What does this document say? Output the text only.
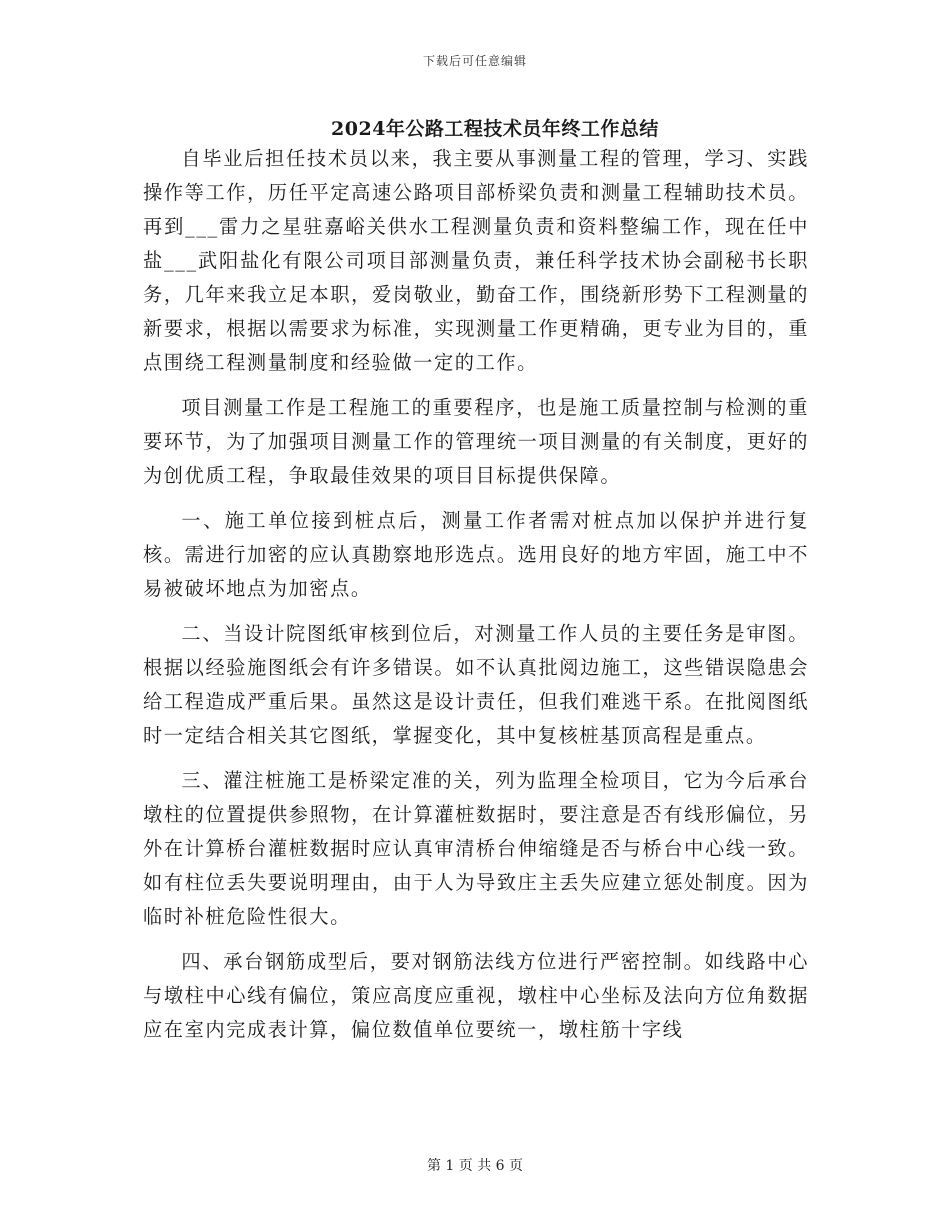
下载后可任意编辑
2024年公路工程技术员年终工作总结

自毕业后担任技术员以来，我主要从事测量工程的管理，学习、实践操作等工作，历任平定高速公路项目部桥梁负责和测量工程辅助技术员。再到___雷力之星驻嘉峪关供水工程测量负责和资料整编工作，现在任中盐___武阳盐化有限公司项目部测量负责，兼任科学技术协会副秘书长职务，几年来我立足本职，爱岗敬业，勤奋工作，围绕新形势下工程测量的新要求，根据以需要求为标准，实现测量工作更精确，更专业为目的，重点围绕工程测量制度和经验做一定的工作。

项目测量工作是工程施工的重要程序，也是施工质量控制与检测的重要环节，为了加强项目测量工作的管理统一项目测量的有关制度，更好的为创优质工程，争取最佳效果的项目目标提供保障。

一、施工单位接到桩点后，测量工作者需对桩点加以保护并进行复核。需进行加密的应认真勘察地形选点。选用良好的地方牢固，施工中不易被破坏地点为加密点。

二、当设计院图纸审核到位后，对测量工作人员的主要任务是审图。根据以经验施图纸会有许多错误。如不认真批阅边施工，这些错误隐患会给工程造成严重后果。虽然这是设计责任，但我们难逃干系。在批阅图纸时一定结合相关其它图纸，掌握变化，其中复核桩基顶高程是重点。

三、灌注桩施工是桥梁定准的关，列为监理全检项目，它为今后承台墩柱的位置提供参照物，在计算灌桩数据时，要注意是否有线形偏位，另外在计算桥台灌桩数据时应认真审清桥台伸缩缝是否与桥台中心线一致。如有柱位丢失要说明理由，由于人为导致庄主丢失应建立惩处制度。因为临时补桩危险性很大。

四、承台钢筋成型后，要对钢筋法线方位进行严密控制。如线路中心与墩柱中心线有偏位，策应高度应重视，墩柱中心坐标及法向方位角数据应在室内完成表计算，偏位数值单位要统一，墩柱筋十字线

第 1 页 共 6 页
